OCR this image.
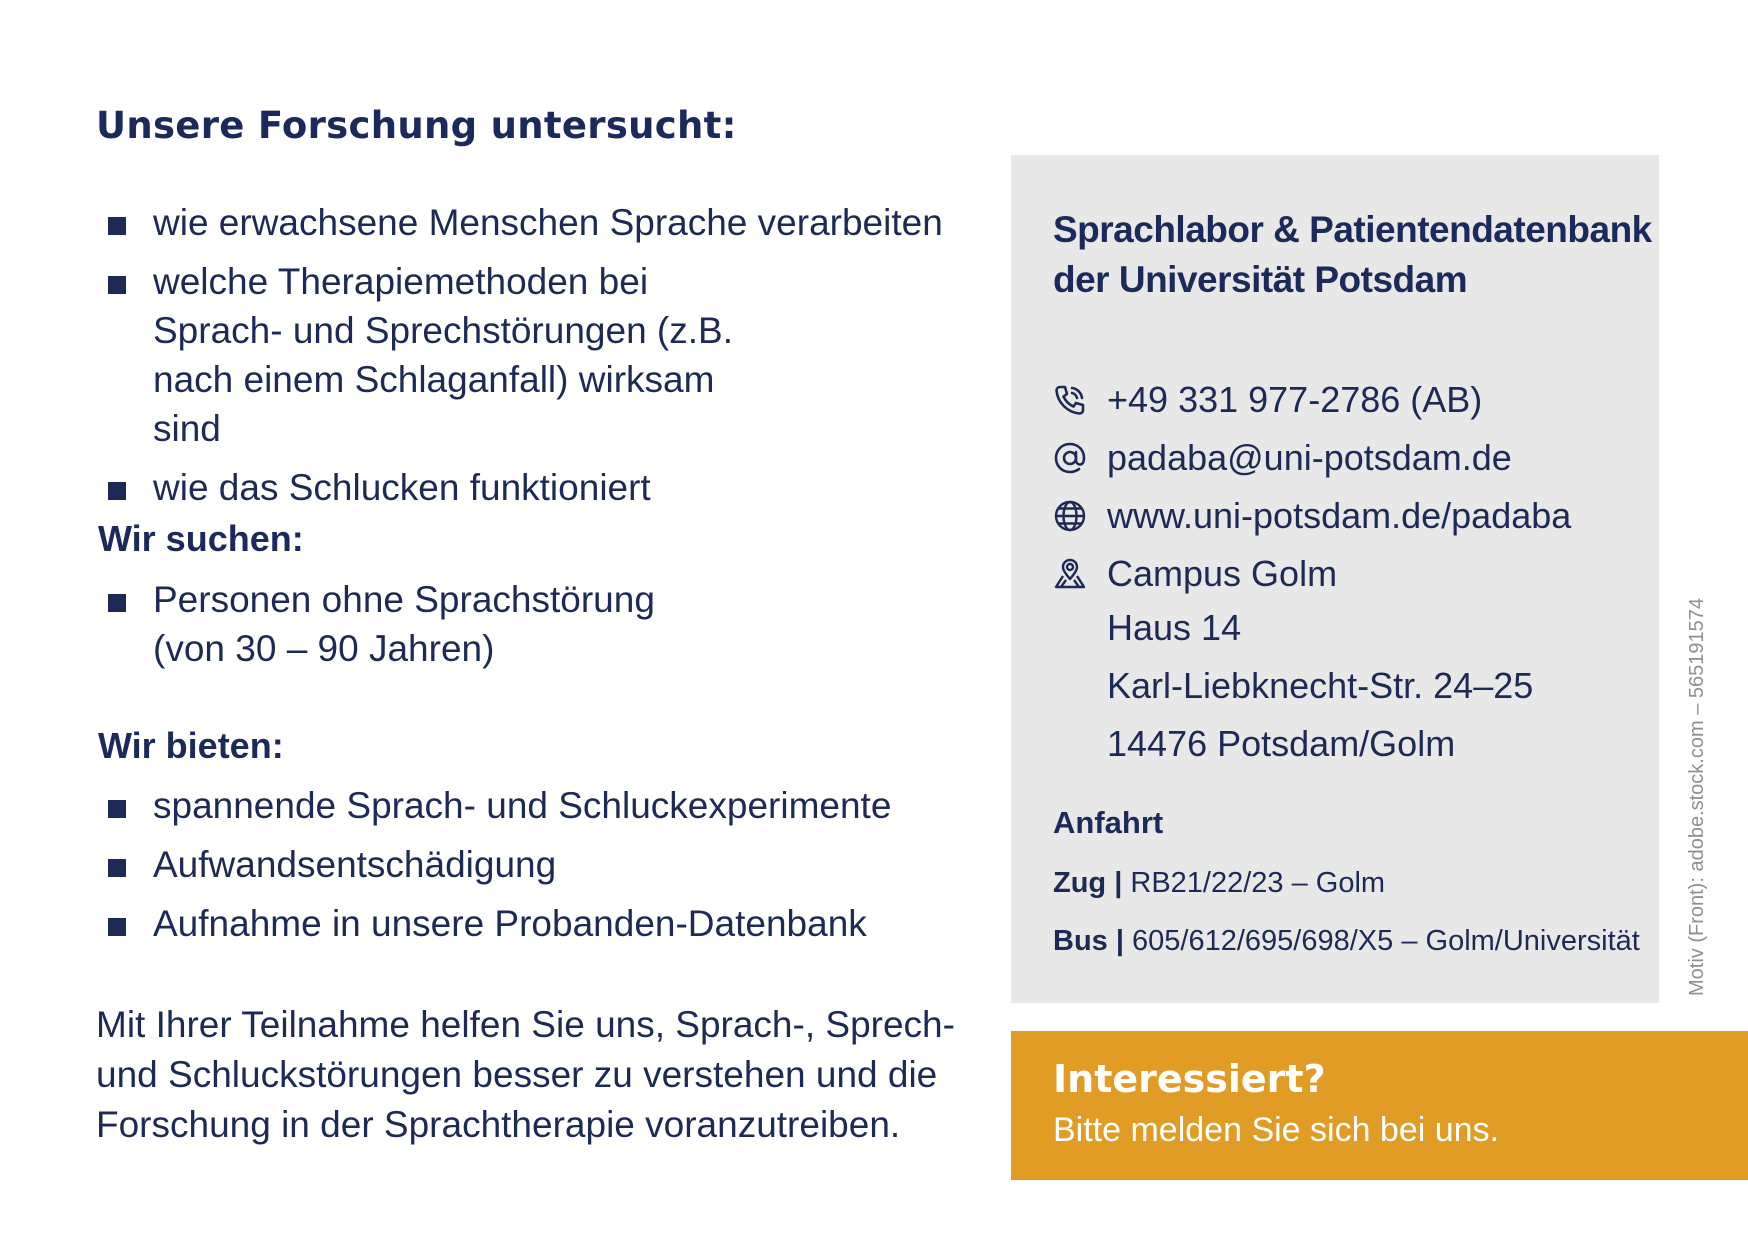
Unsere Forschung untersucht:
wie erwachsene Menschen Sprache verarbeiten
welche Therapiemethoden bei Sprach- und Sprechstörungen (z.B. nach einem Schlaganfall) wirksam sind
wie das Schlucken funktioniert
Wir suchen:
Personen ohne Sprachstörung (von 30 – 90 Jahren)
Wir bieten:
spannende Sprach- und Schluckexperimente
Aufwandsentschädigung
Aufnahme in unsere Probanden-Datenbank

Mit Ihrer Teilnahme helfen Sie uns, Sprach-, Sprech- und Schluckstörungen besser zu verstehen und die Forschung in der Sprachtherapie voranzutreiben.

Sprachlabor & Patientendatenbank
der Universität Potsdam
+49 331 977-2786 (AB)
padaba@uni-potsdam.de
www.uni-potsdam.de/padaba
Campus Golm
Haus 14
Karl-Liebknecht-Str. 24–25
14476 Potsdam/Golm
Anfahrt
Zug | RB21/22/23 – Golm
Bus | 605/612/695/698/X5 – Golm/Universität Motiv (Front): adobe.stock.com – 565191574
Interessiert?
Bitte melden Sie sich bei uns.
